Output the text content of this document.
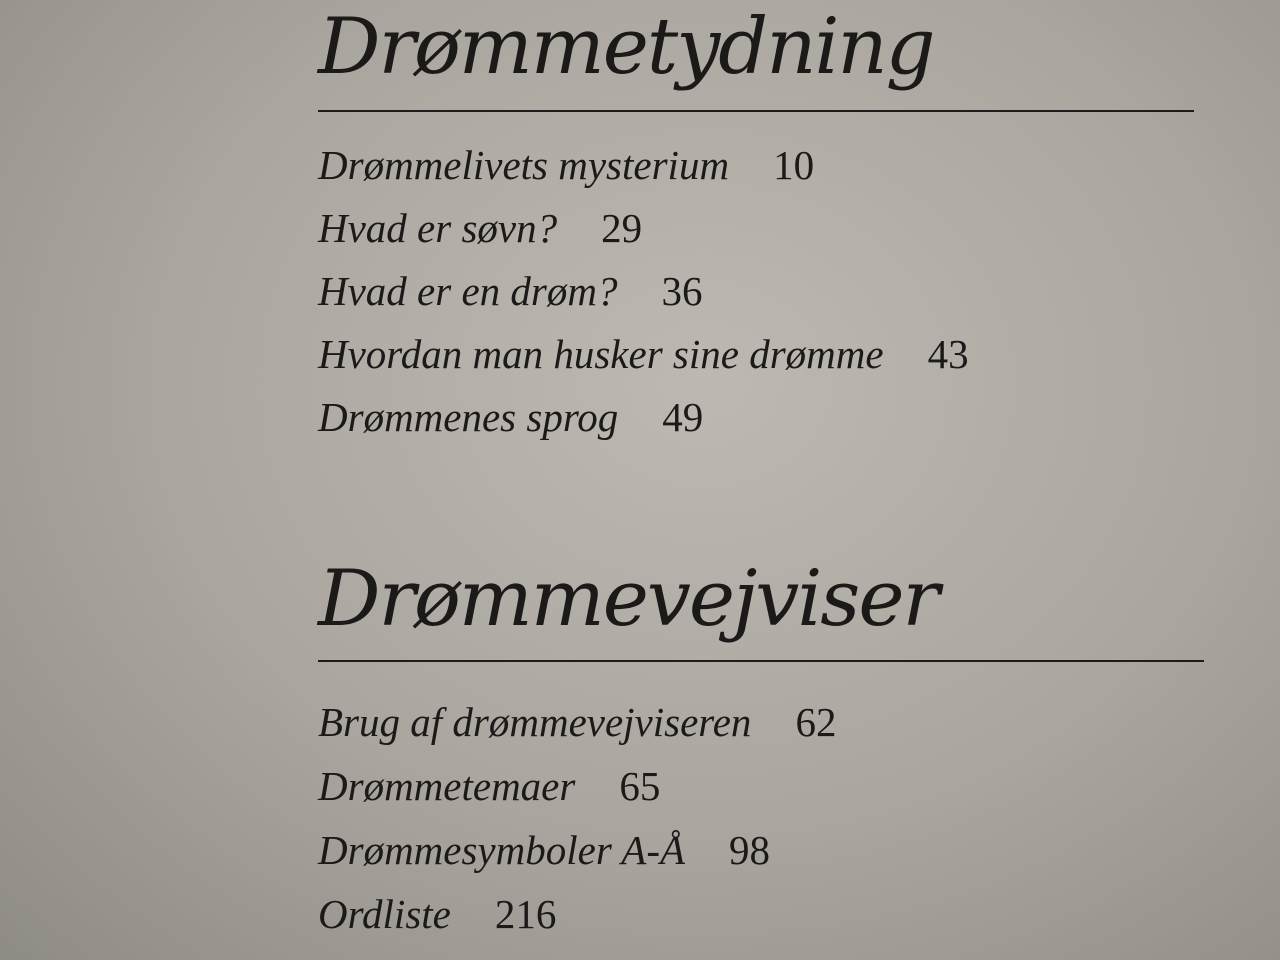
Drømmetydning
Drømmelivets mysterium 10
Hvad er søvn? 29
Hvad er en drøm? 36
Hvordan man husker sine drømme 43
Drømmenes sprog 49
Drømmevejviser
Brug af drømmevejviseren 62
Drømmetemaer 65
Drømmesymboler A-Å 98
Ordliste 216
